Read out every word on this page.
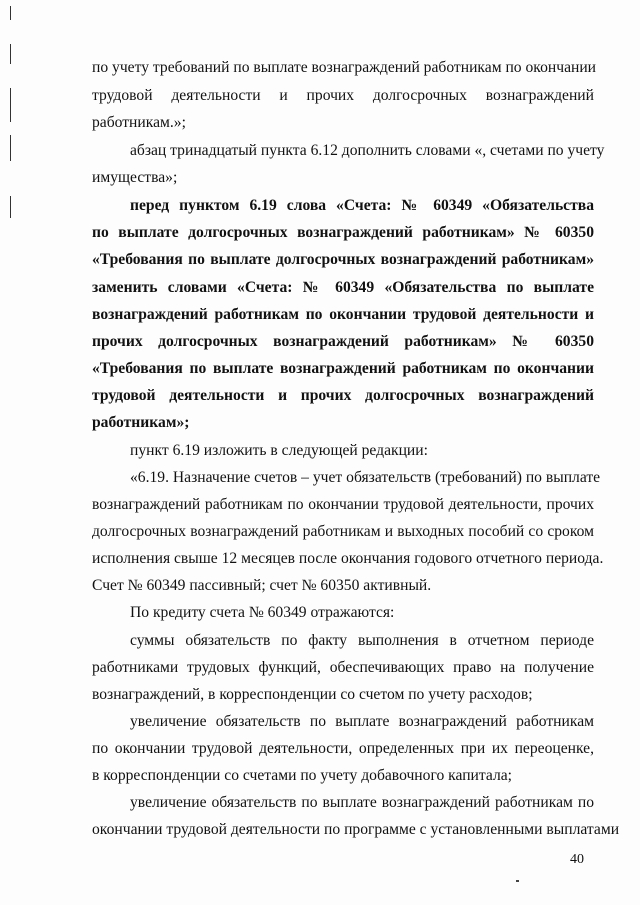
по учету требований по выплате вознаграждений работникам по окончании
трудовой деятельности и прочих долгосрочных вознаграждений
работникам.»;
абзац тринадцатый пункта 6.12 дополнить словами «, счетами по учету
имущества»;
перед пунктом 6.19 слова «Счета: № 60349 «Обязательства
по выплате долгосрочных вознаграждений работникам» № 60350
«Требования по выплате долгосрочных вознаграждений работникам»
заменить словами «Счета: № 60349 «Обязательства по выплате
вознаграждений работникам по окончании трудовой деятельности и
прочих долгосрочных вознаграждений работникам» № 60350
«Требования по выплате вознаграждений работникам по окончании
трудовой деятельности и прочих долгосрочных вознаграждений
работникам»;
пункт 6.19 изложить в следующей редакции:
«6.19. Назначение счетов – учет обязательств (требований) по выплате
вознаграждений работникам по окончании трудовой деятельности, прочих
долгосрочных вознаграждений работникам и выходных пособий со сроком
исполнения свыше 12 месяцев после окончания годового отчетного периода.
Счет № 60349 пассивный; счет № 60350 активный.
По кредиту счета № 60349 отражаются:
суммы обязательств по факту выполнения в отчетном периоде
работниками трудовых функций, обеспечивающих право на получение
вознаграждений, в корреспонденции со счетом по учету расходов;
увеличение обязательств по выплате вознаграждений работникам
по окончании трудовой деятельности, определенных при их переоценке,
в корреспонденции со счетами по учету добавочного капитала;
увеличение обязательств по выплате вознаграждений работникам по
окончании трудовой деятельности по программе с установленными выплатами
40
